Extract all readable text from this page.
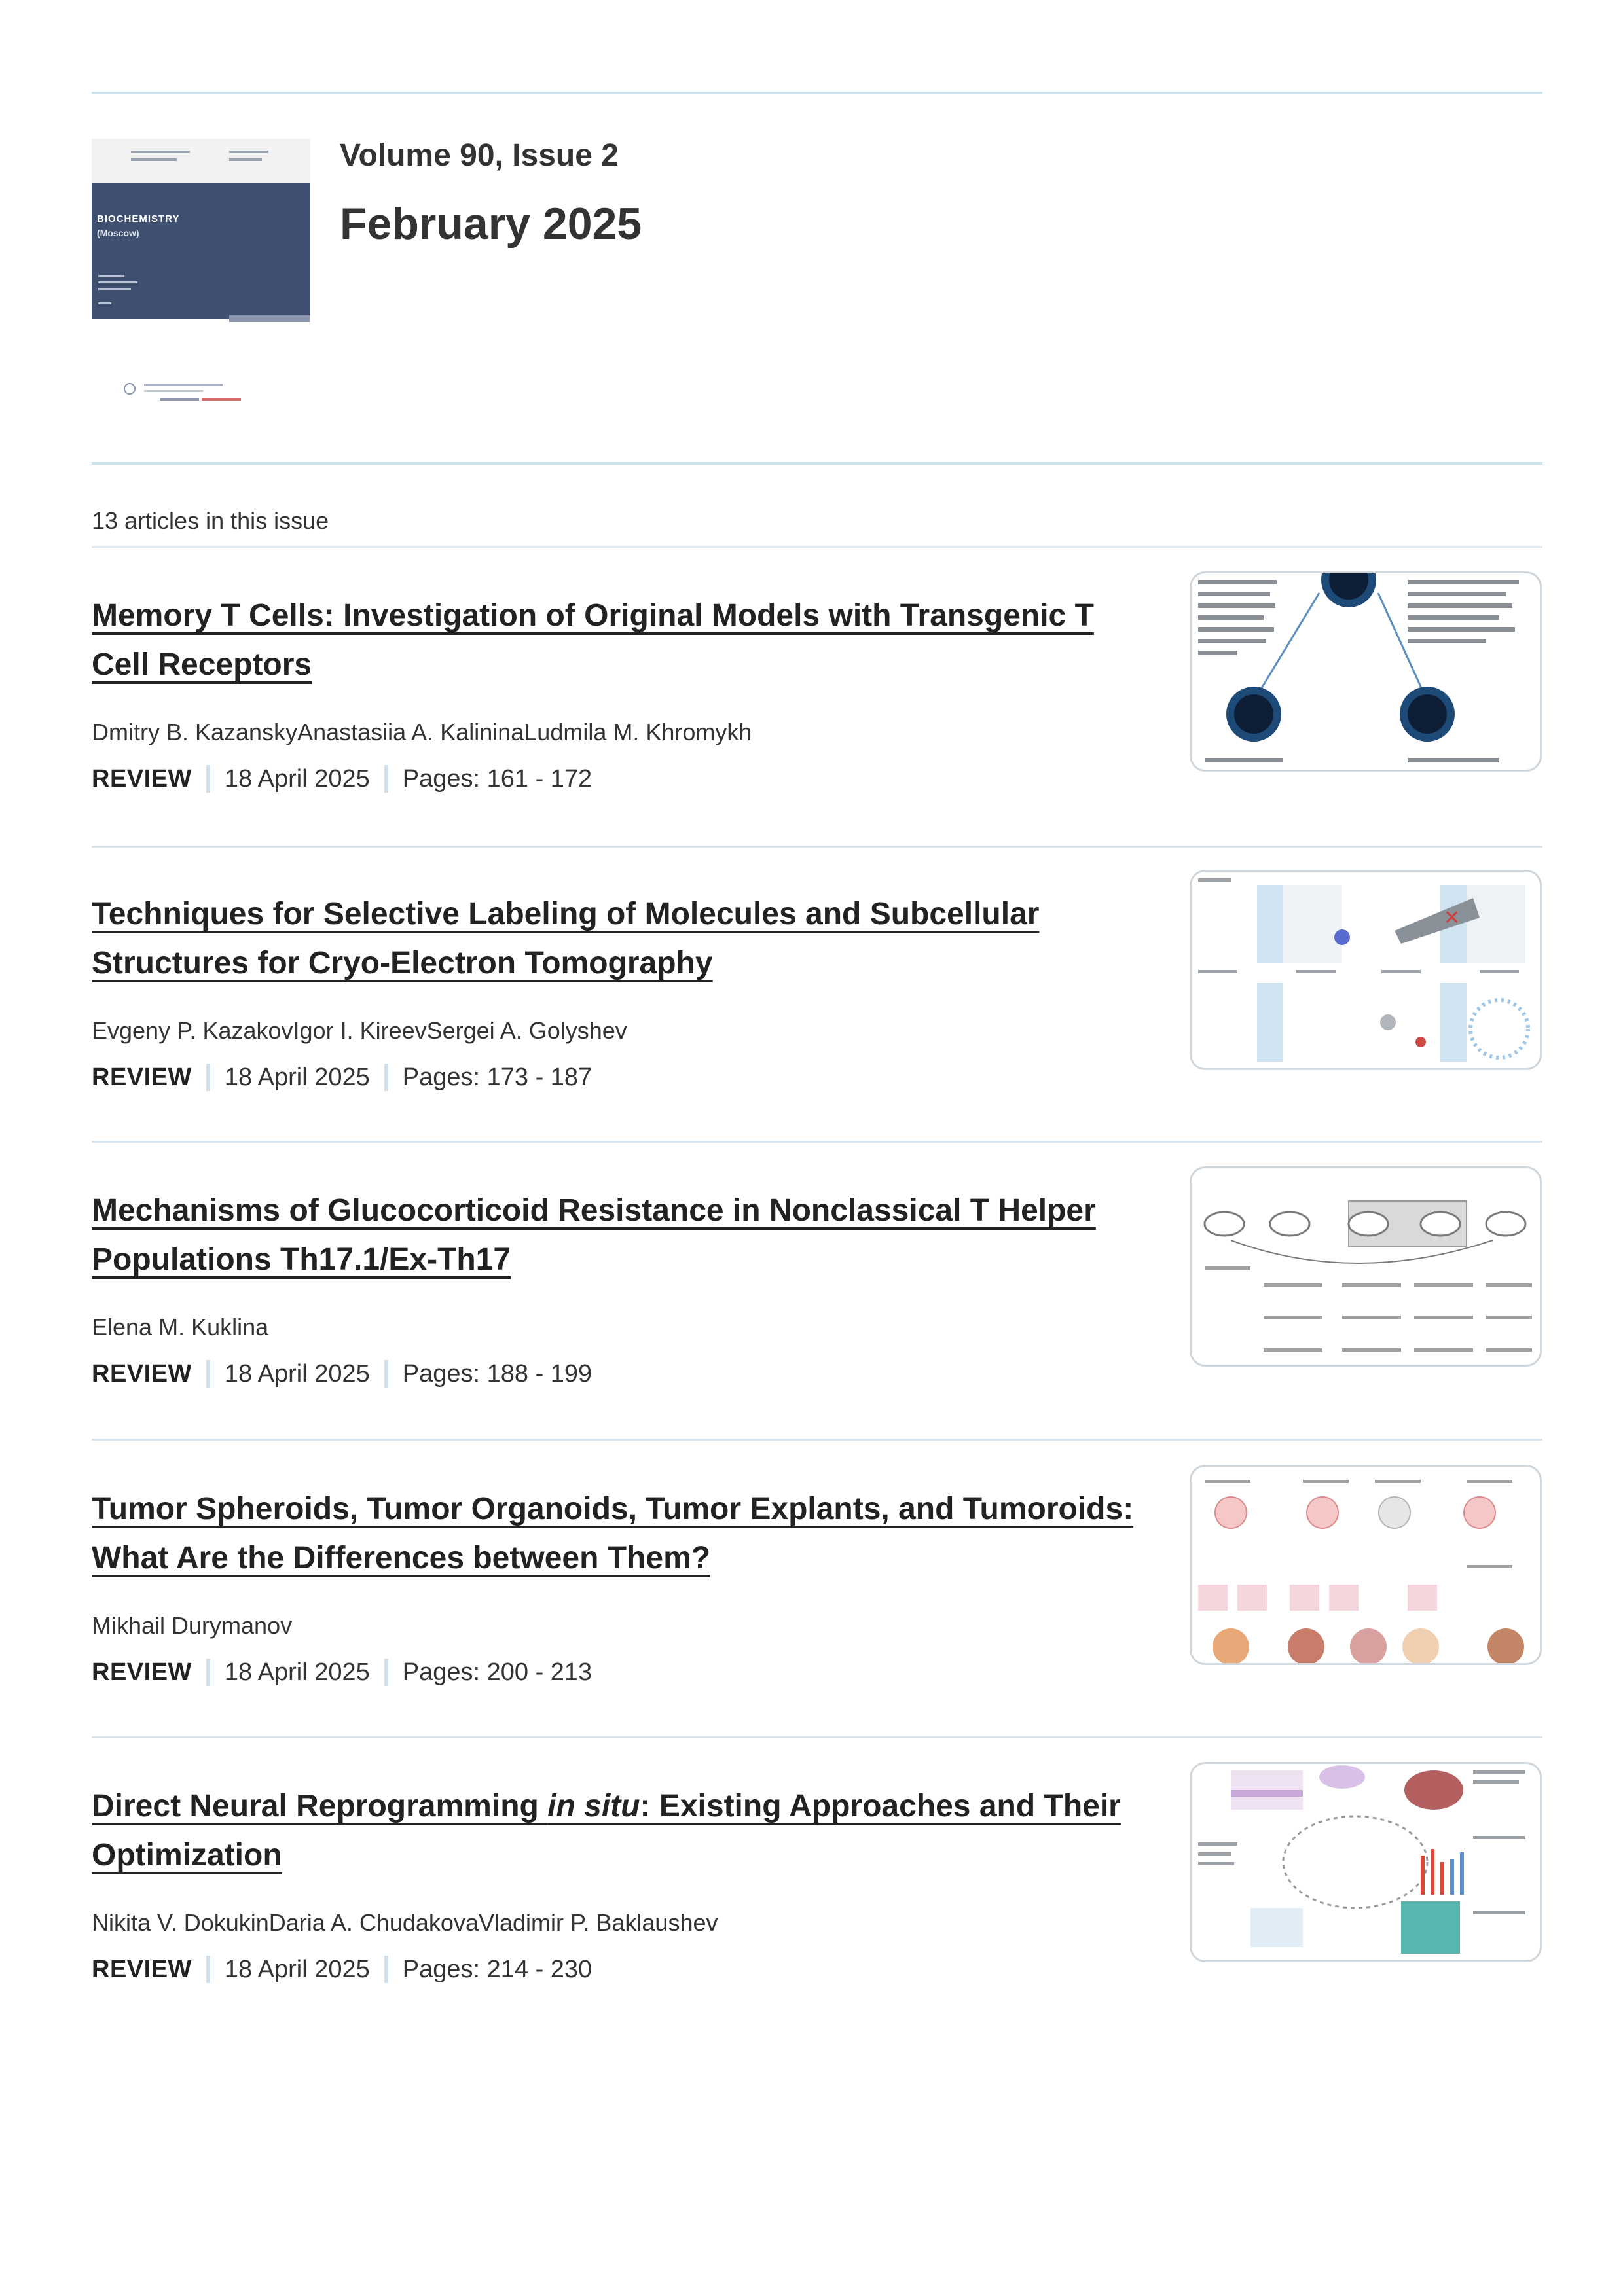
BIOCHEMISTRY
(Moscow)
Volume 90, Issue 2
February 2025
13 articles in this issue
Memory T Cells: Investigation of Original Models with Transgenic T Cell Receptors
Dmitry B. KazanskyAnastasiia A. KalininaLudmila M. Khromykh
REVIEW 18 April 2025 Pages: 161 - 172
Techniques for Selective Labeling of Molecules and Subcellular Structures for Cryo-Electron Tomography
Evgeny P. KazakovIgor I. KireevSergei A. Golyshev
REVIEW 18 April 2025 Pages: 173 - 187
✕
Mechanisms of Glucocorticoid Resistance in Nonclassical T Helper Populations Th17.1/Ex-Th17
Elena M. Kuklina
REVIEW 18 April 2025 Pages: 188 - 199
Tumor Spheroids, Tumor Organoids, Tumor Explants, and Tumoroids: What Are the Differences between Them?
Mikhail Durymanov
REVIEW 18 April 2025 Pages: 200 - 213
Direct Neural Reprogramming in situ: Existing Approaches and Their Optimization
Nikita V. DokukinDaria A. ChudakovaVladimir P. Baklaushev
REVIEW 18 April 2025 Pages: 214 - 230
